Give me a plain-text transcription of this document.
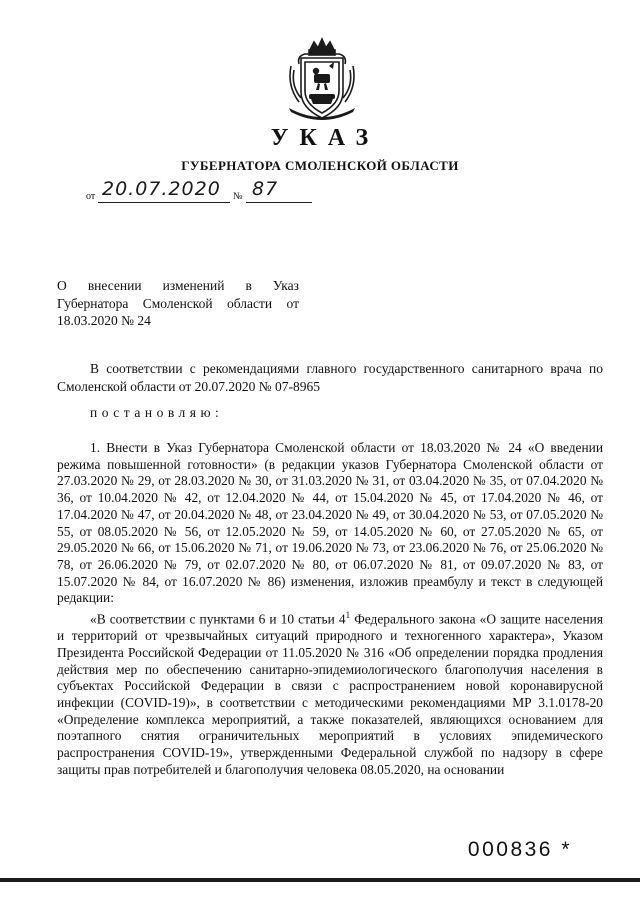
УКАЗ
ГУБЕРНАТОРА СМОЛЕНСКОЙ ОБЛАСТИ
от 20.07.2020 № 87
О внесении изменений в Указ
Губернатора Смоленской области от 18.03.2020 № 24
В соответствии с рекомендациями главного государственного санитарного врача по Смоленской области от 20.07.2020 № 07-8965
постановляю:

1. Внести в Указ Губернатора Смоленской области от 18.03.2020 № 24 «О введении режима повышенной готовности» (в редакции указов Губернатора Смоленской области от 27.03.2020 № 29, от 28.03.2020 № 30, от 31.03.2020 № 31, от 03.04.2020 № 35, от 07.04.2020 № 36, от 10.04.2020 № 42, от 12.04.2020 № 44, от 15.04.2020 № 45, от 17.04.2020 № 46, от 17.04.2020 № 47, от 20.04.2020 № 48, от 23.04.2020 № 49, от 30.04.2020 № 53, от 07.05.2020 № 55, от 08.05.2020 № 56, от 12.05.2020 № 59, от 14.05.2020 № 60, от 27.05.2020 № 65, от 29.05.2020 № 66, от 15.06.2020 № 71, от 19.06.2020 № 73, от 23.06.2020 № 76, от 25.06.2020 № 78, от 26.06.2020 № 79, от 02.07.2020 № 80, от 06.07.2020 № 81, от 09.07.2020 № 83, от 15.07.2020 № 84, от 16.07.2020 № 86) изменения, изложив преамбулу и текст в следующей редакции:

«В соответствии с пунктами 6 и 10 статьи $4^1$ Федерального закона «О защите населения и территорий от чрезвычайных ситуаций природного и техногенного характера», Указом Президента Российской Федерации от 11.05.2020 № 316 «Об определении порядка продления действия мер по обеспечению санитарно-эпидемиологического благополучия населения в субъектах Российской Федерации в связи с распространением новой коронавирусной инфекции (COVID-19)», в соответствии с методическими рекомендациями МР 3.1.0178-20 «Определение комплекса мероприятий, а также показателей, являющихся основанием для поэтапного снятия ограничительных мероприятий в условиях эпидемического распространения COVID-19», утвержденными Федеральной службой по надзору в сфере защиты прав потребителей и благополучия человека 08.05.2020, на основании

000836 *
